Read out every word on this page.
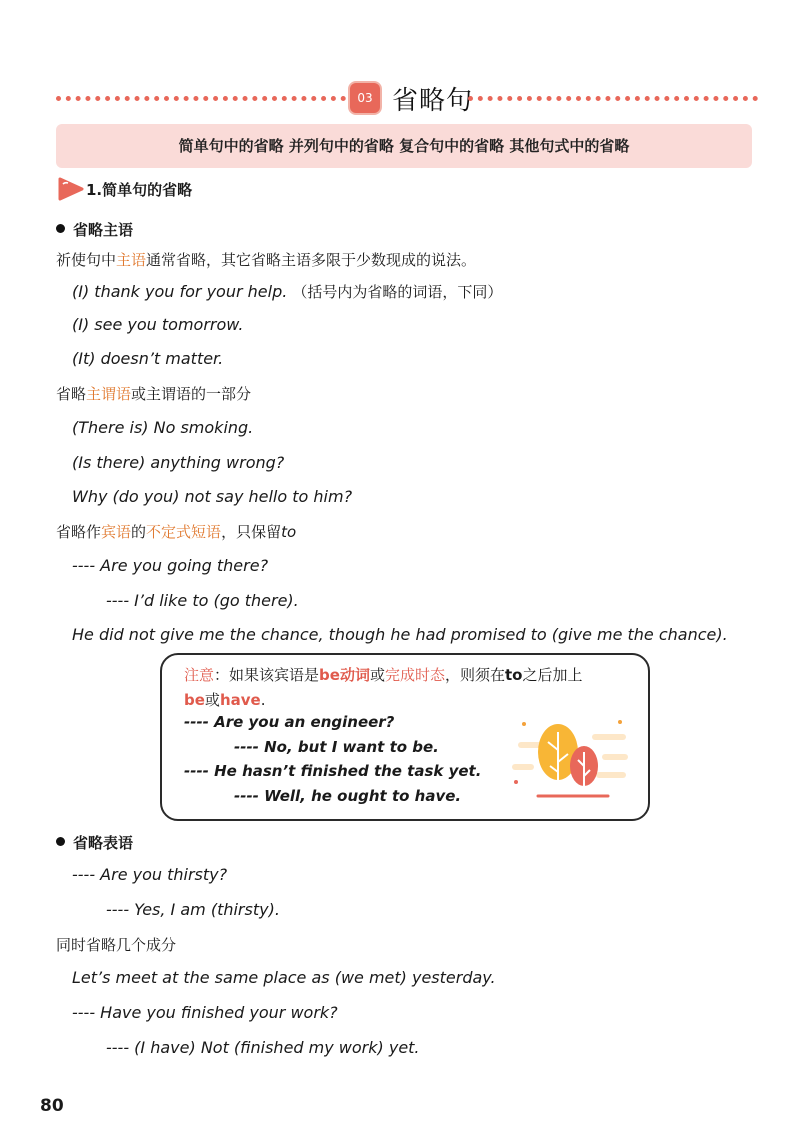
03 省略句
简单句中的省略 并列句中的省略 复合句中的省略 其他句式中的省略
1.简单句的省略
省略主语
祈使句中主语通常省略，其它省略主语多限于少数现成的说法。
(I) thank you for your help. （括号内为省略的词语，下同）
(I) see you tomorrow.
(It) doesn’t matter.
省略主谓语或主谓语的一部分
(There is) No smoking.
(Is there) anything wrong?
Why (do you) not say hello to him?
省略作宾语的不定式短语，只保留to
---- Are you going there?
---- I’d like to (go there).
He did not give me the chance, though he had promised to (give me the chance).
注意：如果该宾语是be动词或完成时态，则须在to之后加上
be或have.
---- Are you an engineer?
---- No, but I want to be.
---- He hasn’t finished the task yet.
---- Well, he ought to have.
省略表语
---- Are you thirsty?
---- Yes, I am (thirsty).
同时省略几个成分
Let’s meet at the same place as (we met) yesterday.
---- Have you finished your work?
---- (I have) Not (finished my work) yet.
80
